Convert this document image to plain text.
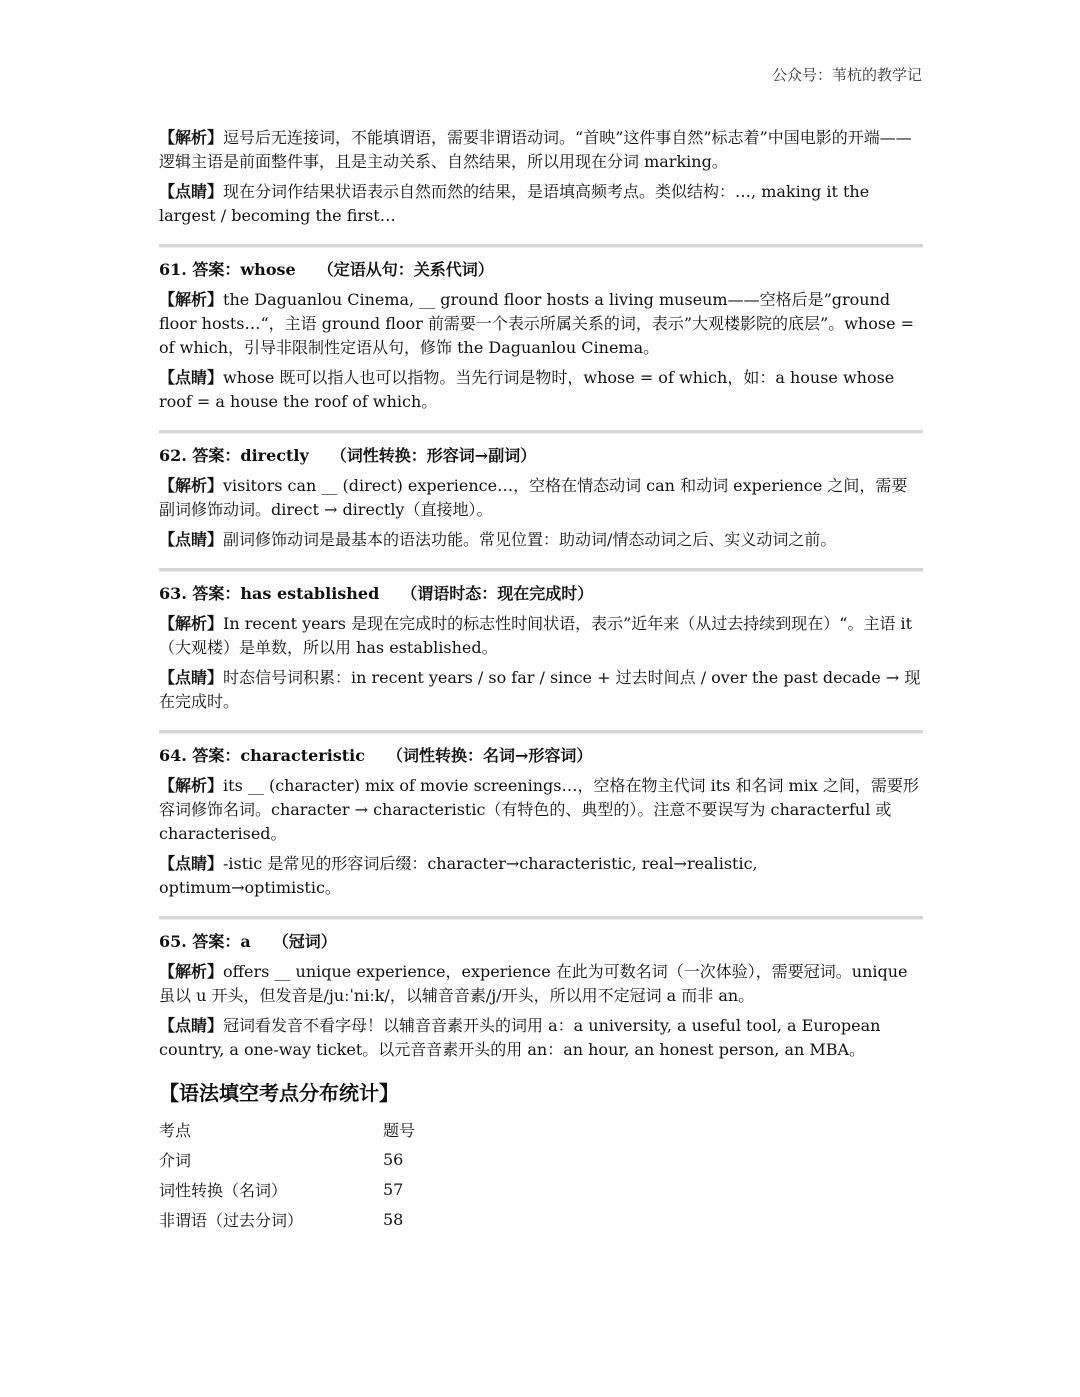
公众号：苇杭的教学记

【解析】逗号后无连接词，不能填谓语，需要非谓语动词。“首映”这件事自然”标志着”中国电影的开端——逻辑主语是前面整件事，且是主动关系、自然结果，所以用现在分词 marking。

【点睛】现在分词作结果状语表示自然而然的结果，是语填高频考点。类似结构：…, making it the largest / becoming the first…

61. 答案：whose （定语从句：关系代词）

【解析】the Daguanlou Cinema, __ ground floor hosts a living museum——空格后是”ground floor hosts…“，主语 ground floor 前需要一个表示所属关系的词，表示”大观楼影院的底层”。whose = of which，引导非限制性定语从句，修饰 the Daguanlou Cinema。

【点睛】whose 既可以指人也可以指物。当先行词是物时，whose = of which，如：a house whose roof = a house the roof of which。

62. 答案：directly （词性转换：形容词→副词）

【解析】visitors can __ (direct) experience…，空格在情态动词 can 和动词 experience 之间，需要副词修饰动词。direct → directly（直接地）。

【点睛】副词修饰动词是最基本的语法功能。常见位置：助动词/情态动词之后、实义动词之前。

63. 答案：has established （谓语时态：现在完成时）

【解析】In recent years 是现在完成时的标志性时间状语，表示”近年来（从过去持续到现在）“。主语 it（大观楼）是单数，所以用 has established。

【点睛】时态信号词积累：in recent years / so far / since + 过去时间点 / over the past decade → 现在完成时。

64. 答案：characteristic （词性转换：名词→形容词）

【解析】its __ (character) mix of movie screenings…，空格在物主代词 its 和名词 mix 之间，需要形容词修饰名词。character → characteristic（有特色的、典型的）。注意不要误写为 characterful 或 characterised。

【点睛】-istic 是常见的形容词后缀：character→characteristic, real→realistic, optimum→optimistic。

65. 答案：a （冠词）

【解析】offers __ unique experience，experience 在此为可数名词（一次体验），需要冠词。unique 虽以 u 开头，但发音是/juːˈniːk/，以辅音音素/j/开头，所以用不定冠词 a 而非 an。

【点睛】冠词看发音不看字母！以辅音音素开头的词用 a：a university, a useful tool, a European country, a one-way ticket。以元音音素开头的用 an：an hour, an honest person, an MBA。

【语法填空考点分布统计】
考点	题号
介词	56
词性转换（名词）	57
非谓语（过去分词）	58
